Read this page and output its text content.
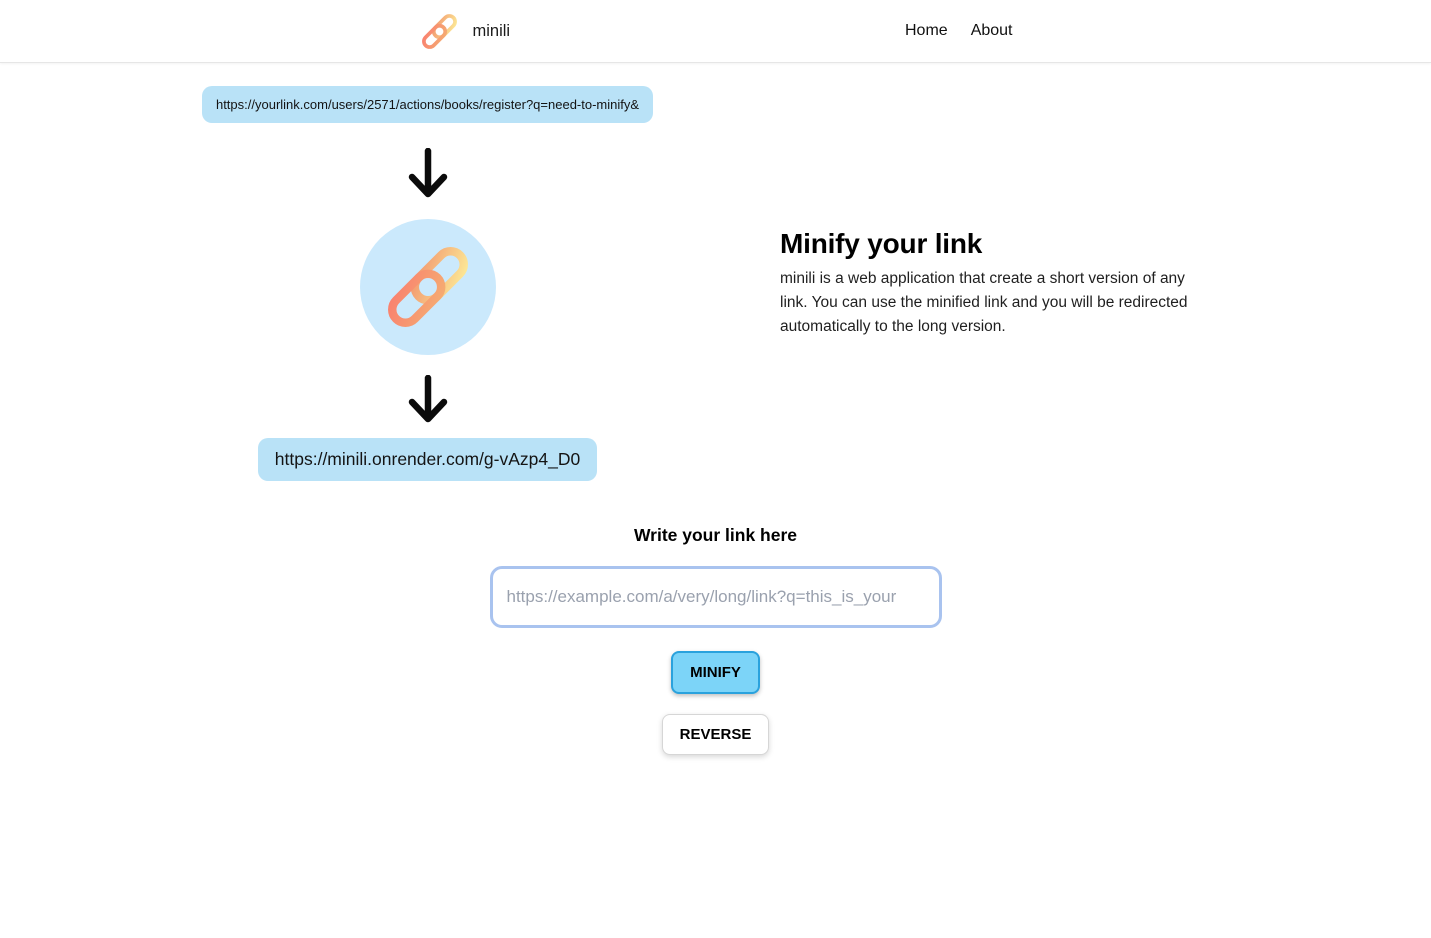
minili	Home About
https://yourlink.com/users/2571/actions/books/register?q=need-to-minify&
https://minili.onrender.com/g-vAzp4_D0
Minify your link

minili is a web application that create a short version of any link. You can use the minified link and you will be redirected automatically to the long version.

Write your link here
https://example.com/a/very/long/link?q=this_is_your
MINIFY
REVERSE
